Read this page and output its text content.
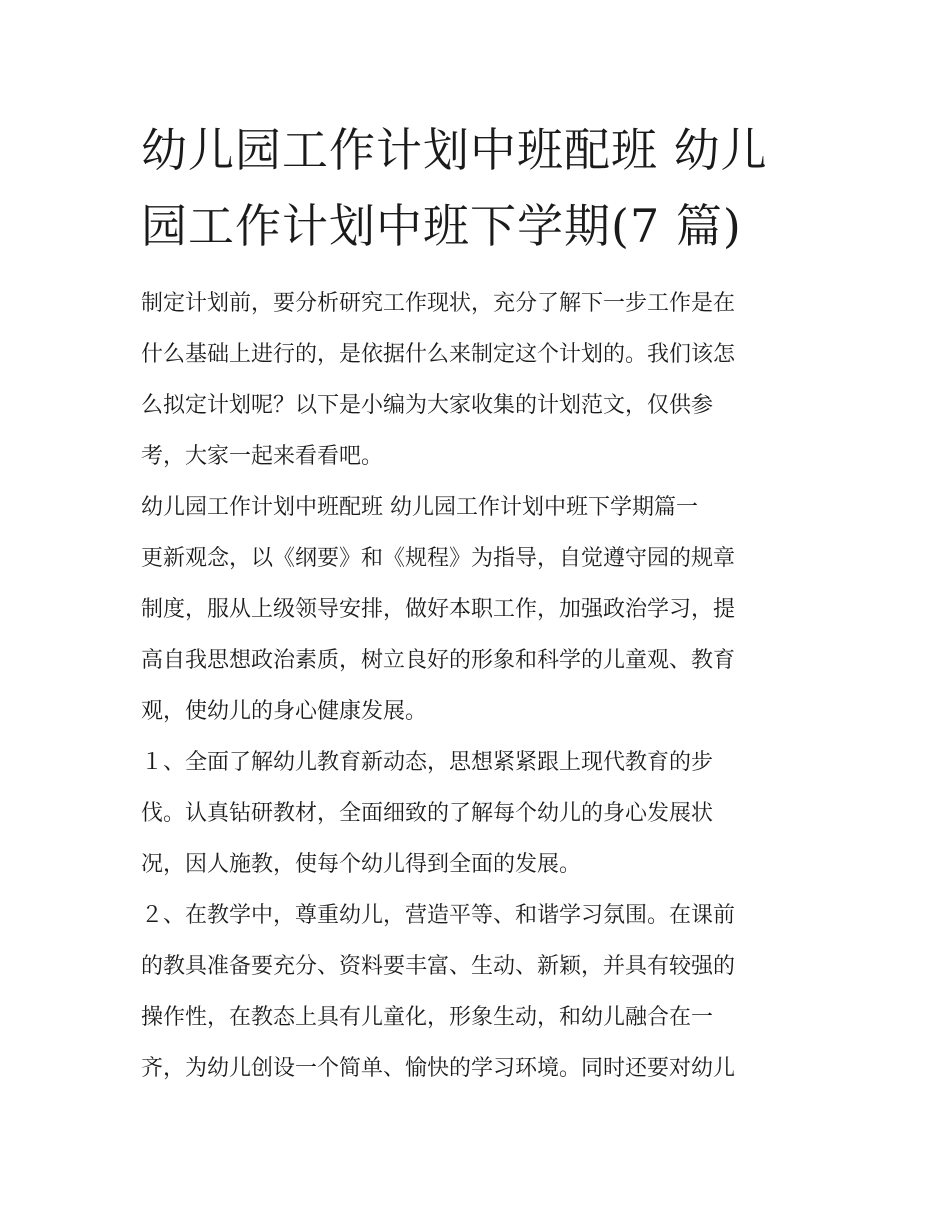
幼儿园工作计划中班配班 幼儿
园工作计划中班下学期(7 篇)

制定计划前，要分析研究工作现状，充分了解下一步工作是在
什么基础上进行的，是依据什么来制定这个计划的。我们该怎
么拟定计划呢？以下是小编为大家收集的计划范文，仅供参
考，大家一起来看看吧。

幼儿园工作计划中班配班 幼儿园工作计划中班下学期篇一

更新观念，以《纲要》和《规程》为指导，自觉遵守园的规章
制度，服从上级领导安排，做好本职工作，加强政治学习，提
高自我思想政治素质，树立良好的形象和科学的儿童观、教育
观，使幼儿的身心健康发展。

１、全面了解幼儿教育新动态，思想紧紧跟上现代教育的步
伐。认真钻研教材，全面细致的了解每个幼儿的身心发展状
况，因人施教，使每个幼儿得到全面的发展。

２、在教学中，尊重幼儿，营造平等、和谐学习氛围。在课前
的教具准备要充分、资料要丰富、生动、新颖，并具有较强的
操作性，在教态上具有儿童化，形象生动，和幼儿融合在一
齐，为幼儿创设一个简单、愉快的学习环境。同时还要对幼儿
